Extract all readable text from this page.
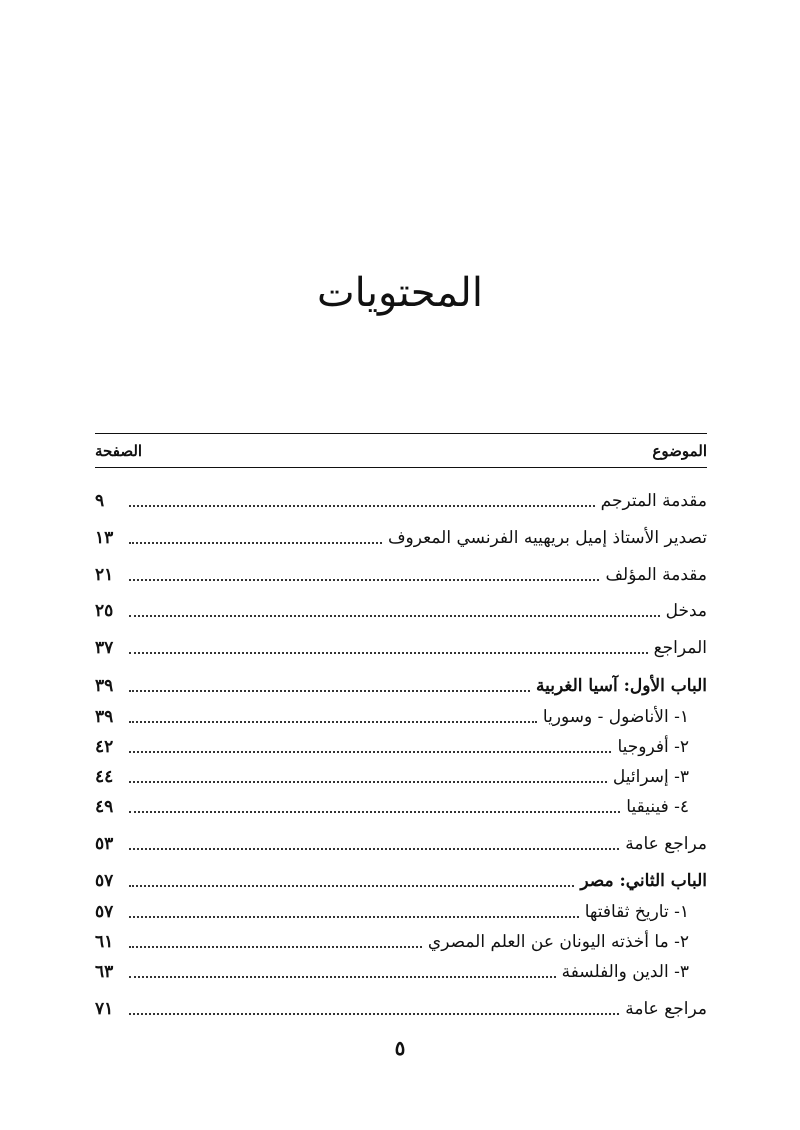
المحتويات
الموضوع
الصفحة
مقدمة المترجم
٩
تصدير الأستاذ إميل بريهييه الفرنسي المعروف
١٣
مقدمة المؤلف
٢١
مدخل
٢٥
المراجع
٣٧
الباب الأول: آسيا الغربية
٣٩
١- الأناضول - وسوريا
٣٩
٢- أفروجيا
٤٢
٣- إسرائيل
٤٤
٤- فينيقيا
٤٩
مراجع عامة
٥٣
الباب الثاني: مصر
٥٧
١- تاريخ ثقافتها
٥٧
٢- ما أخذته اليونان عن العلم المصري
٦١
٣- الدين والفلسفة
٦٣
مراجع عامة
٧١
٥
